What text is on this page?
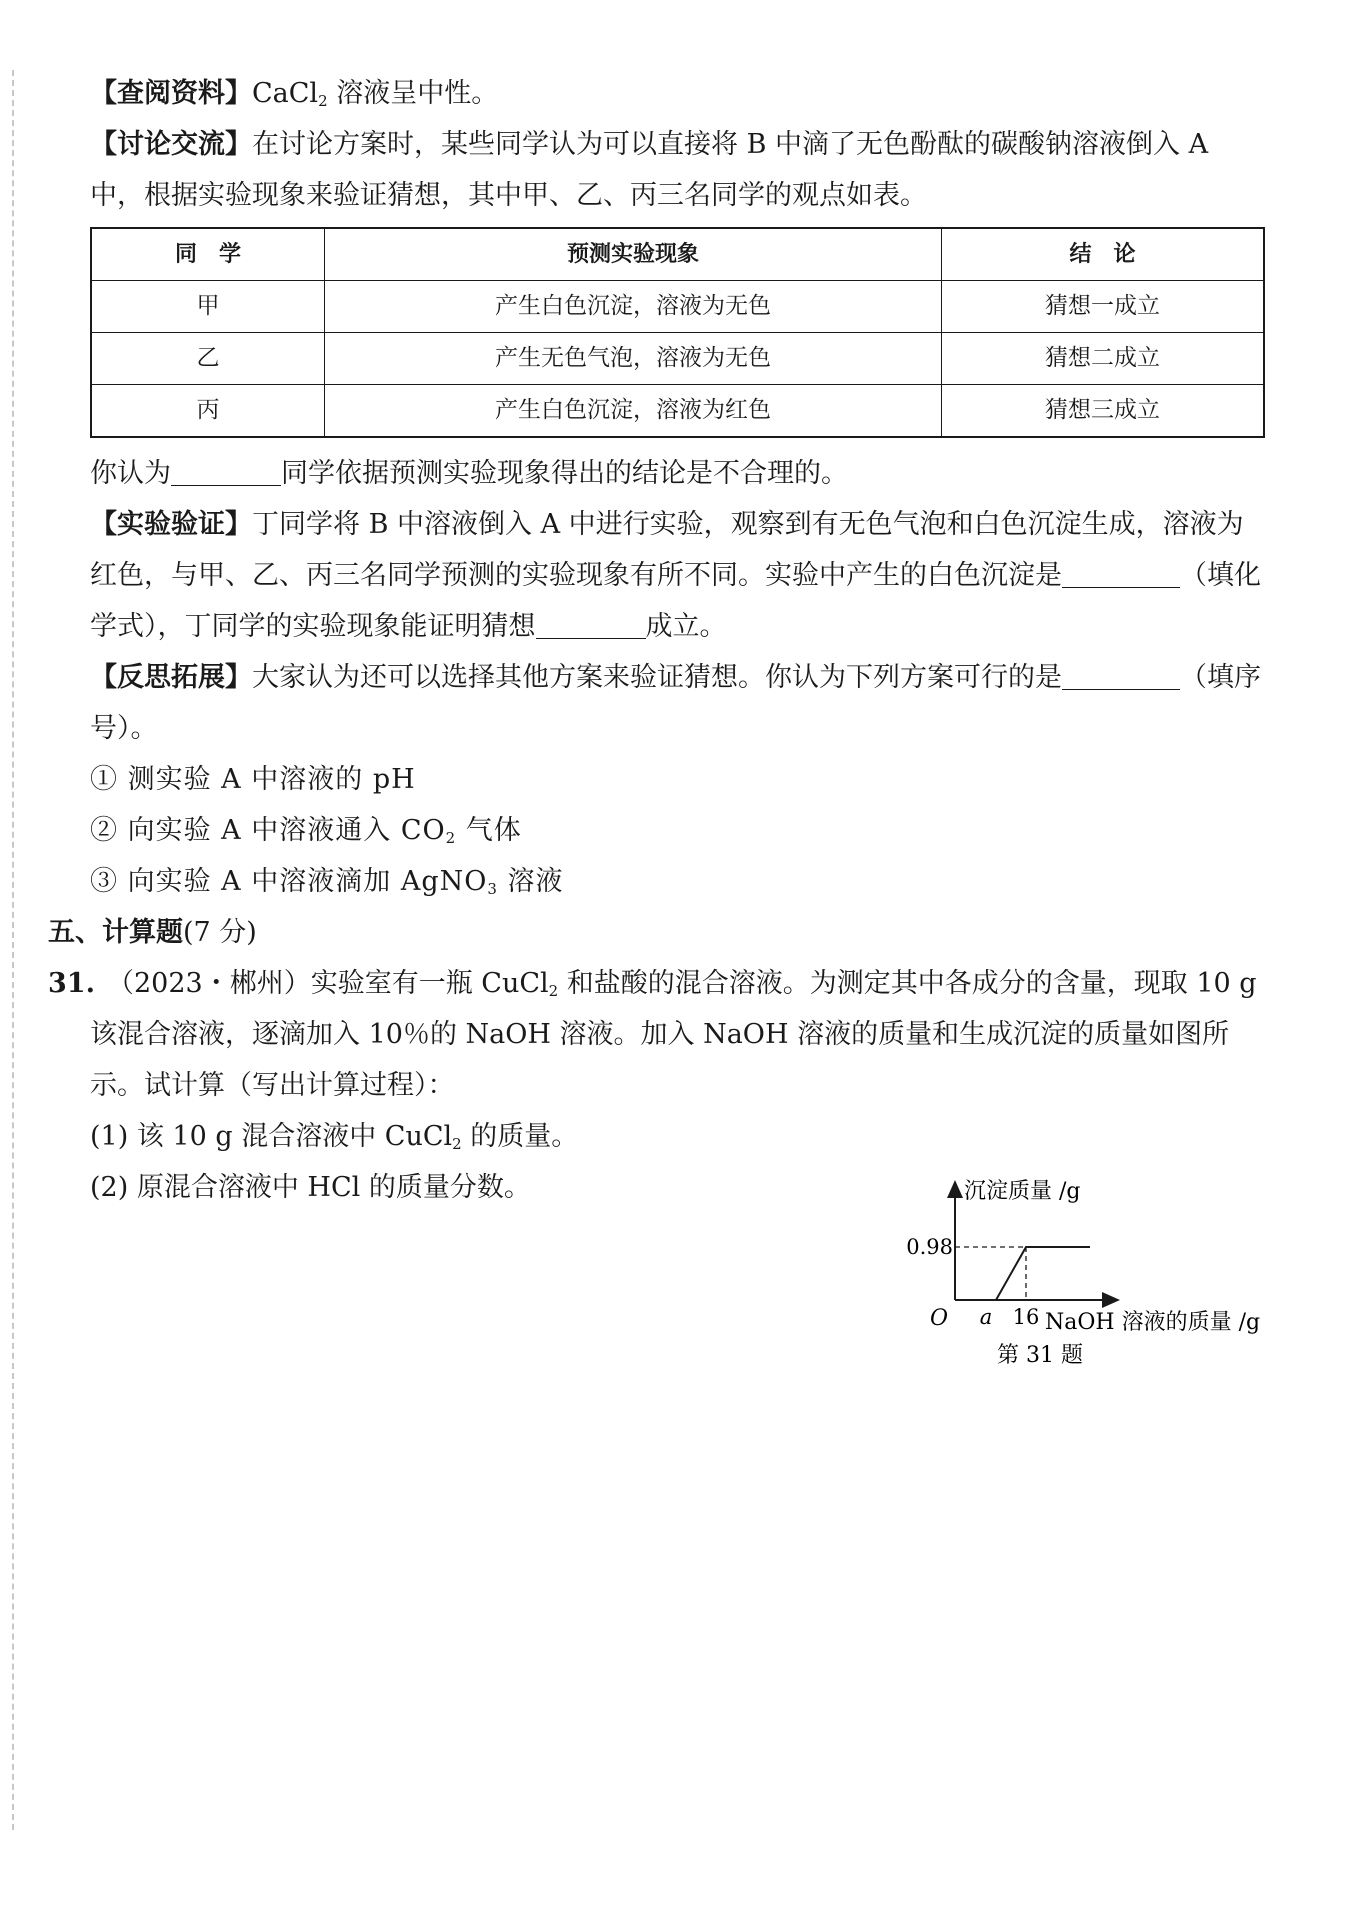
【查阅资料】CaCl$_2$ 溶液呈中性。

【讨论交流】在讨论方案时，某些同学认为可以直接将 B 中滴了无色酚酞的碳酸钠溶液倒入 A 中，根据实验现象来验证猜想，其中甲、乙、丙三名同学的观点如表。

同　学	预测实验现象	结　论
甲	产生白色沉淀，溶液为无色	猜想一成立
乙	产生无色气泡，溶液为无色	猜想二成立
丙	产生白色沉淀，溶液为红色	猜想三成立

你认为	同学依据预测实验现象得出的结论是不合理的。

【实验验证】丁同学将 B 中溶液倒入 A 中进行实验，观察到有无色气泡和白色沉淀生成，溶液为红色，与甲、乙、丙三名同学预测的实验现象有所不同。实验中产生的白色沉淀是	（填化学式），丁同学的实验现象能证明猜想	成立。

【反思拓展】大家认为还可以选择其他方案来验证猜想。你认为下列方案可行的是	（填序号）。

① 测实验 A 中溶液的 pH

② 向实验 A 中溶液通入 $CO_2$ 气体

③ 向实验 A 中溶液滴加 AgNO$_3$ 溶液

五、计算题(7 分)

31. （2023・郴州）实验室有一瓶 CuCl$_2$ 和盐酸的混合溶液。为测定其中各成分的含量，现取 10 g 该混合溶液，逐滴加入 10％的 NaOH 溶液。加入 NaOH 溶液的质量和生成沉淀的质量如图所示。试计算（写出计算过程）：

(1) 该 10 g 混合溶液中 CuCl$_2$ 的质量。

(2) 原混合溶液中 HCl 的质量分数。	沉淀质量 /g
NaOH 溶液的质量 /g
O
0.98
a 16
第 31 题
